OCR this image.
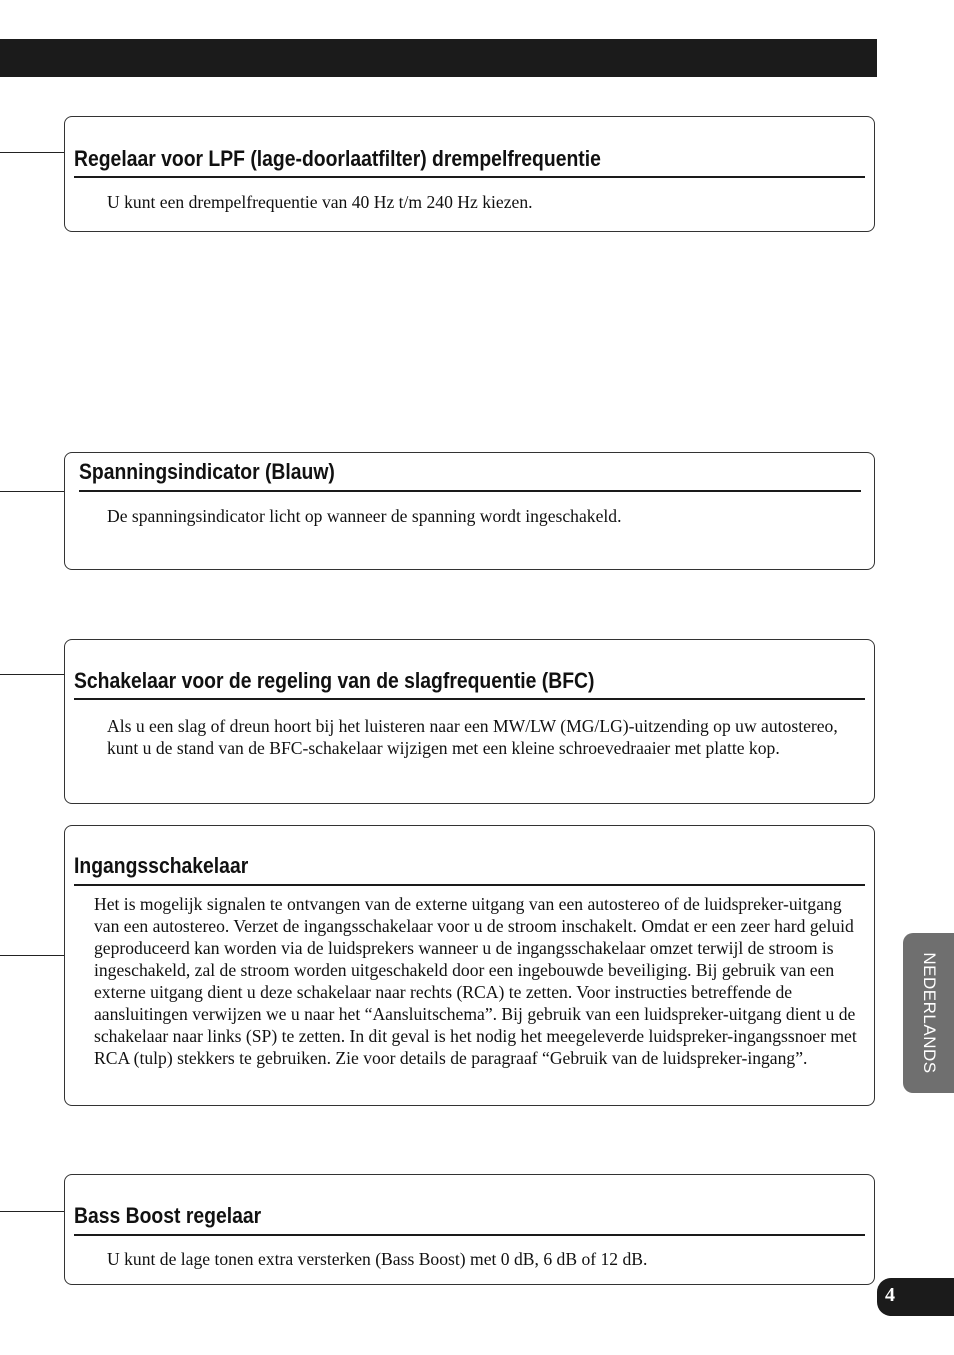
Regelaar voor LPF (lage-doorlaatfilter) drempelfrequentie

U kunt een drempelfrequentie van 40 Hz t/m 240 Hz kiezen.

Spanningsindicator (Blauw)

De spanningsindicator licht op wanneer de spanning wordt ingeschakeld.

Schakelaar voor de regeling van de slagfrequentie (BFC)

Als u een slag of dreun hoort bij het luisteren naar een MW/LW (MG/LG)-uitzending op uw autostereo, kunt u de stand van de BFC-schakelaar wijzigen met een kleine schroevedraaier met platte kop.

Ingangsschakelaar

Het is mogelijk signalen te ontvangen van de externe uitgang van een autostereo of de luidspreker-uitgang van een autostereo. Verzet de ingangsschakelaar voor u de stroom inschakelt. Omdat er een zeer hard geluid geproduceerd kan worden via de luidsprekers wanneer u de ingangsschakelaar omzet terwijl de stroom is ingeschakeld, zal de stroom worden uitgeschakeld door een ingebouwde beveiliging. Bij gebruik van een externe uitgang dient u deze schakelaar naar rechts (RCA) te zetten. Voor instructies betreffende de aansluitingen verwijzen we u naar het “Aansluitschema”. Bij gebruik van een luidspreker-uitgang dient u de schakelaar naar links (SP) te zetten. In dit geval is het nodig het meegeleverde luidspreker-ingangssnoer met RCA (tulp) stekkers te gebruiken. Zie voor details de paragraaf “Gebruik van de luidspreker-ingang”.

Bass Boost regelaar

U kunt de lage tonen extra versterken (Bass Boost) met 0 dB, 6 dB of 12 dB.

NEDERLANDS
4
